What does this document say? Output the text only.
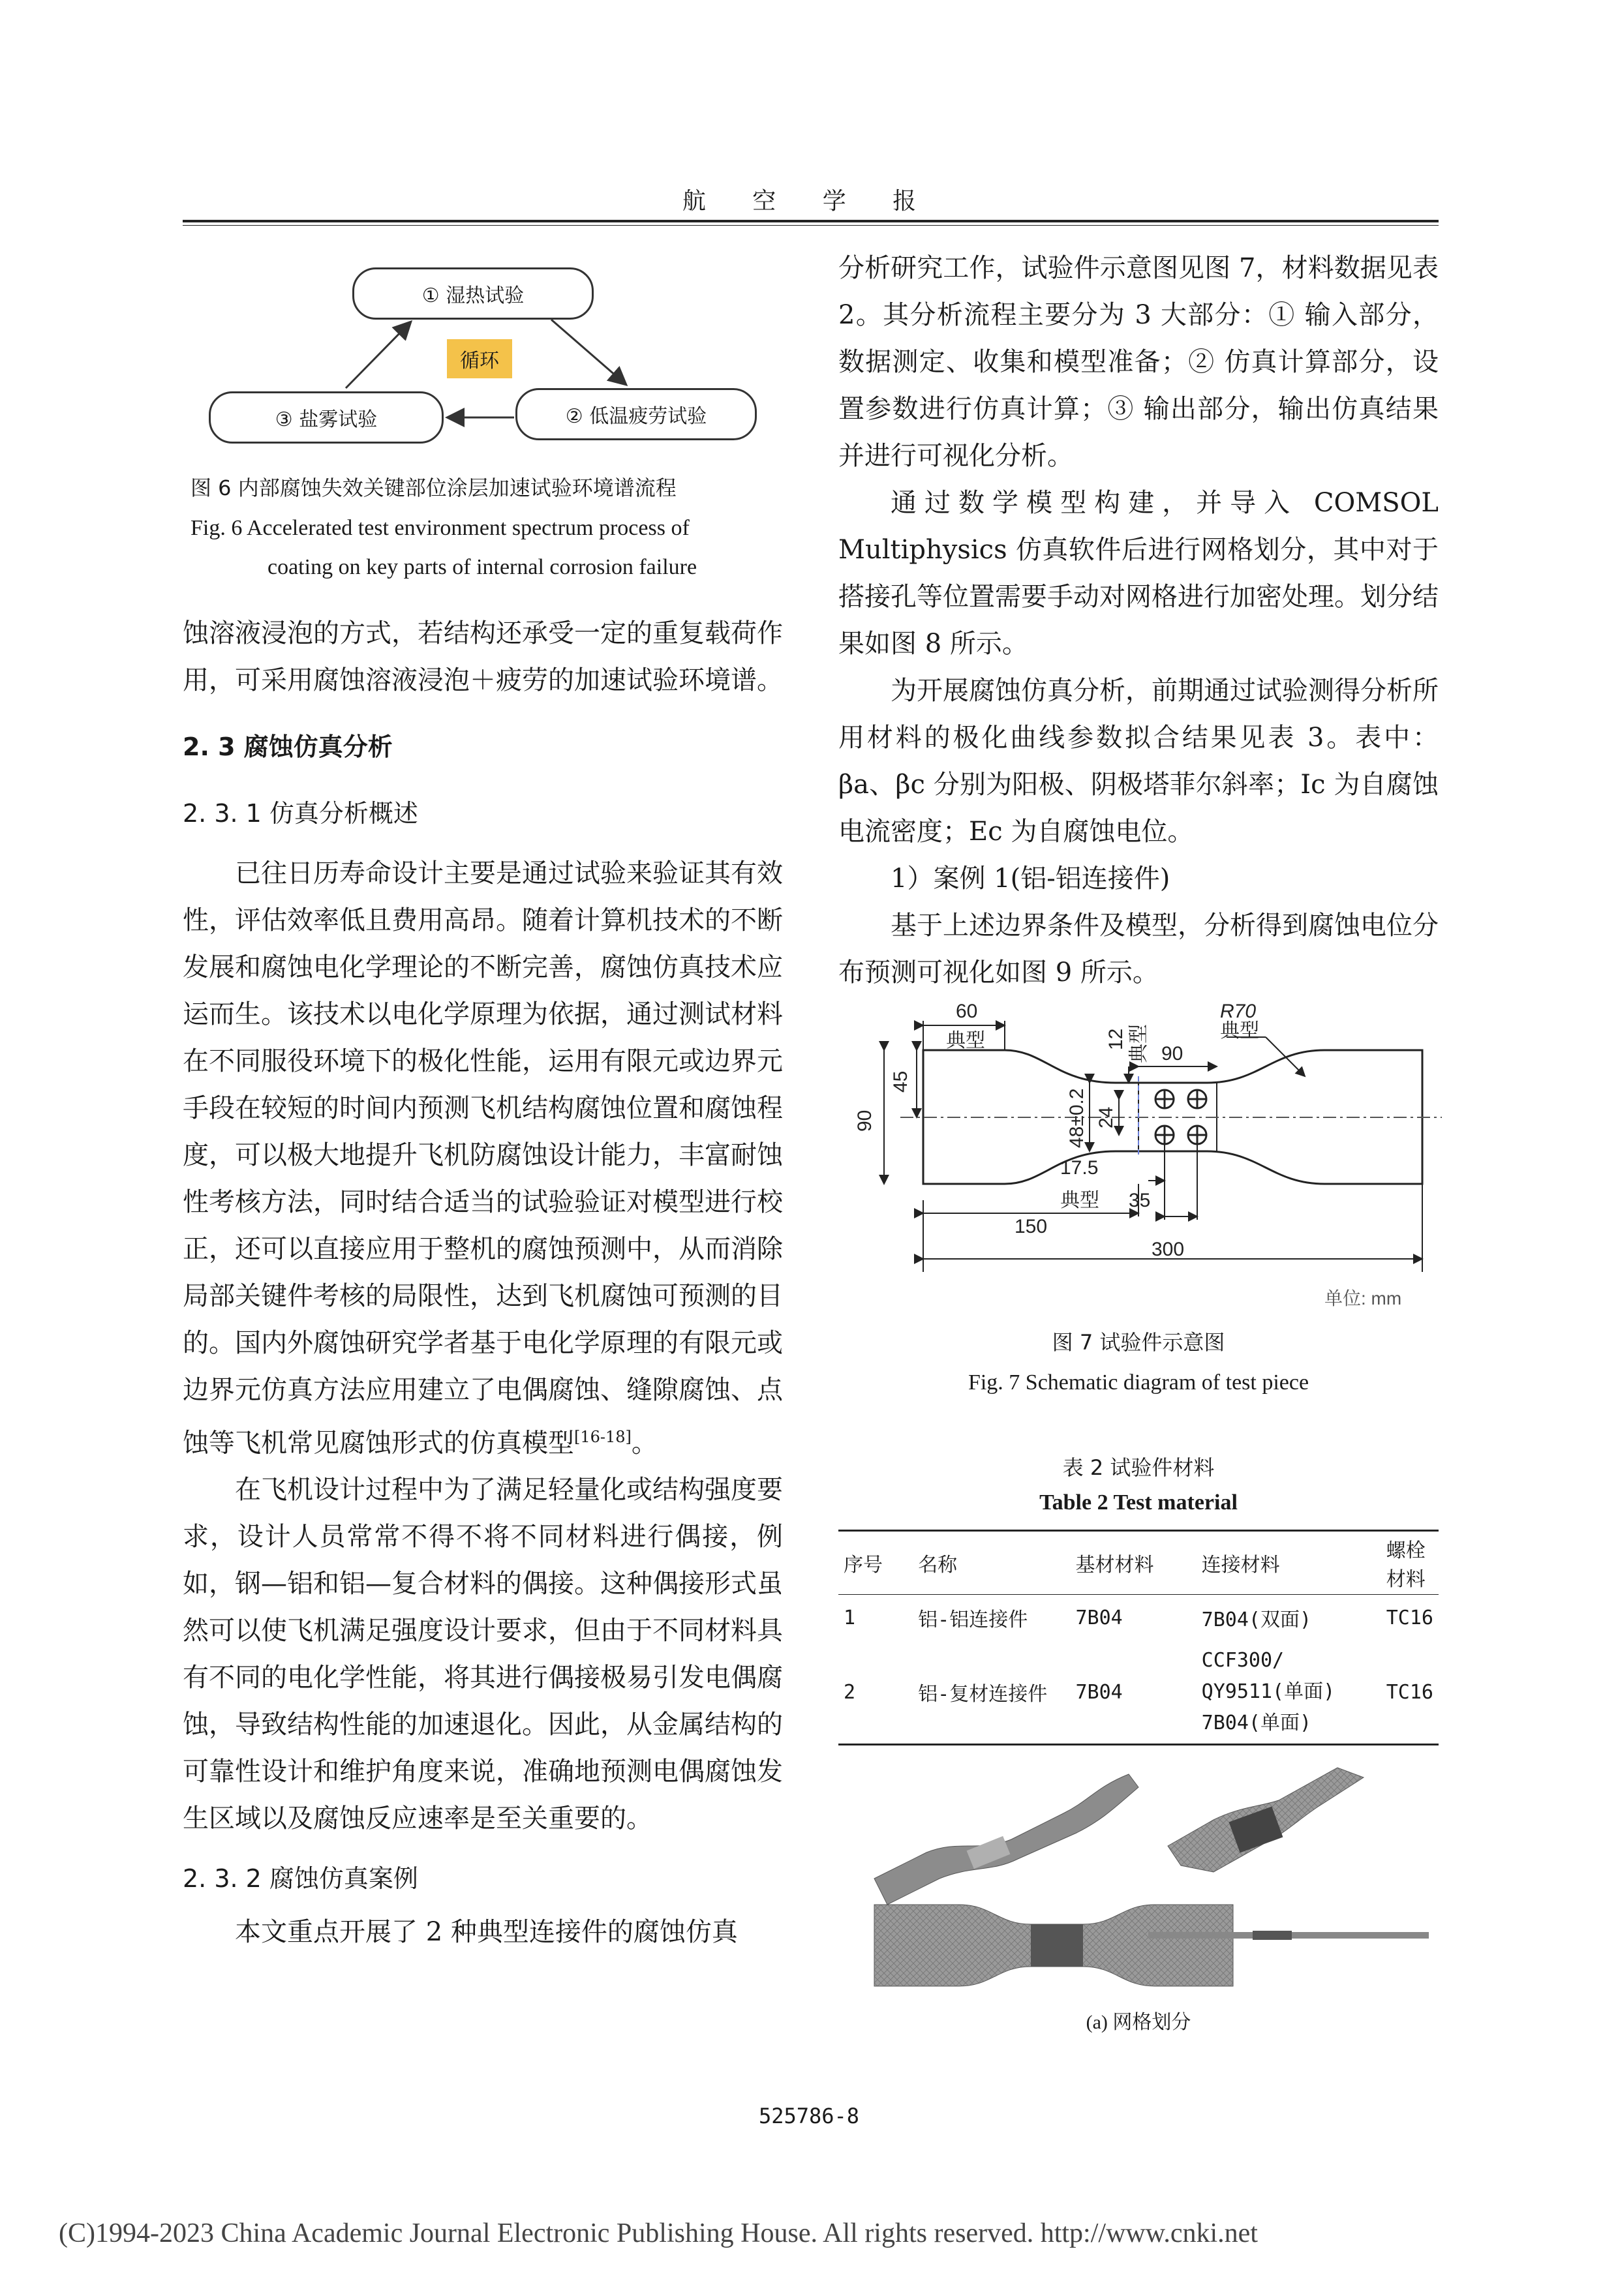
航 空 学 报
① 湿热试验
③ 盐雾试验	② 低温疲劳试验
循环
图 6 内部腐蚀失效关键部位涂层加速试验环境谱流程
Fig. 6 Accelerated test environment spectrum process of
coating on key parts of internal corrosion failure

蚀溶液浸泡的方式，若结构还承受一定的重复载荷作用，可采用腐蚀溶液浸泡＋疲劳的加速试验环境谱。

2. 3 腐蚀仿真分析
2. 3. 1 仿真分析概述

已往日历寿命设计主要是通过试验来验证其有效性，评估效率低且费用高昂。随着计算机技术的不断发展和腐蚀电化学理论的不断完善，腐蚀仿真技术应运而生。该技术以电化学原理为依据，通过测试材料在不同服役环境下的极化性能，运用有限元或边界元手段在较短的时间内预测飞机结构腐蚀位置和腐蚀程度，可以极大地提升飞机防腐蚀设计能力，丰富耐蚀性考核方法，同时结合适当的试验验证对模型进行校正，还可以直接应用于整机的腐蚀预测中，从而消除局部关键件考核的局限性，达到飞机腐蚀可预测的目的。国内外腐蚀研究学者基于电化学原理的有限元或边界元仿真方法应用建立了电偶腐蚀、缝隙腐蚀、点蚀等飞机常见腐蚀形式的仿真模型[16-18]。

在飞机设计过程中为了满足轻量化或结构强度要求，设计人员常常不得不将不同材料进行偶接，例如，钢—铝和铝—复合材料的偶接。这种偶接形式虽然可以使飞机满足强度设计要求，但由于不同材料具有不同的电化学性能，将其进行偶接极易引发电偶腐蚀，导致结构性能的加速退化。因此，从金属结构的可靠性设计和维护角度来说，准确地预测电偶腐蚀发生区域以及腐蚀反应速率是至关重要的。

2. 3. 2 腐蚀仿真案例

本文重点开展了 2 种典型连接件的腐蚀仿真

分析研究工作，试验件示意图见图 7，材料数据见表 2。其分析流程主要分为 3 大部分：① 输入部分，数据测定、收集和模型准备；② 仿真计算部分，设置参数进行仿真计算；③ 输出部分，输出仿真结果并进行可视化分析。

通过数学模型构建，并导入 COMSOL Multiphysics 仿真软件后进行网格划分，其中对于搭接孔等位置需要手动对网格进行加密处理。划分结果如图 8 所示。

为开展腐蚀仿真分析，前期通过试验测得分析所用材料的极化曲线参数拟合结果见表 3。表中：βa、βc 分别为阳极、阴极塔菲尔斜率；Ic 为自腐蚀电流密度；Ec 为自腐蚀电位。

1）案例 1(铝-铝连接件)

基于上述边界条件及模型，分析得到腐蚀电位分布预测可视化如图 9 所示。

60
典型	12 典型 90
R70
典型
90
45
48±0.2 24
17.5
典型 35
150
300
单位: mm
图 7 试验件示意图
Fig. 7 Schematic diagram of test piece
表 2 试验件材料
Table 2 Test material
序号	名称	基材材料	连接材料	螺栓材料
1	铝-铝连接件	7B04	7B04(双面)	TC16
2	铝-复材连接件	7B04	CCF300/ QY9511(单面) 7B04(单面)	TC16
(a) 网格划分
525786-8
(C)1994-2023 China Academic Journal Electronic Publishing House. All rights reserved. http://www.cnki.net
